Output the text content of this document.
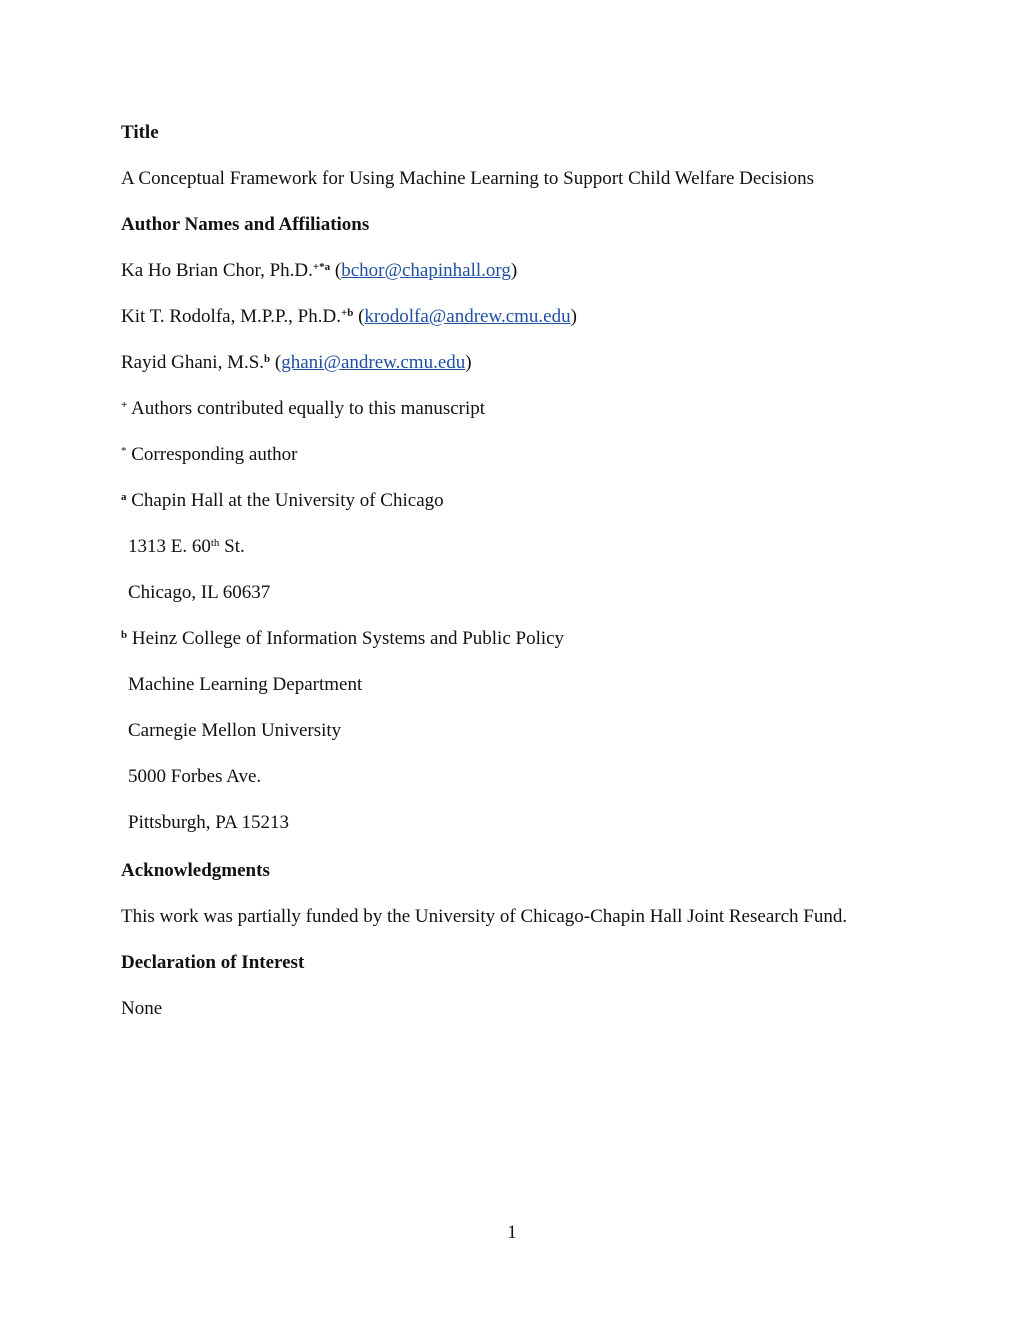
Title
A Conceptual Framework for Using Machine Learning to Support Child Welfare Decisions
Author Names and Affiliations
Ka Ho Brian Chor, Ph.D.$^{+*a}$ (bchor@chapinhall.org)
Kit T. Rodolfa, M.P.P., Ph.D.$^{+b}$ (krodolfa@andrew.cmu.edu)
Rayid Ghani, M.S.$^b$ (ghani@andrew.cmu.edu)
+ Authors contributed equally to this manuscript
* Corresponding author
$^a$ Chapin Hall at the University of Chicago
1313 E. 60th St.
Chicago, IL 60637
$^b$ Heinz College of Information Systems and Public Policy
Machine Learning Department
Carnegie Mellon University
5000 Forbes Ave.
Pittsburgh, PA 15213
Acknowledgments
This work was partially funded by the University of Chicago-Chapin Hall Joint Research Fund.
Declaration of Interest
None
1
